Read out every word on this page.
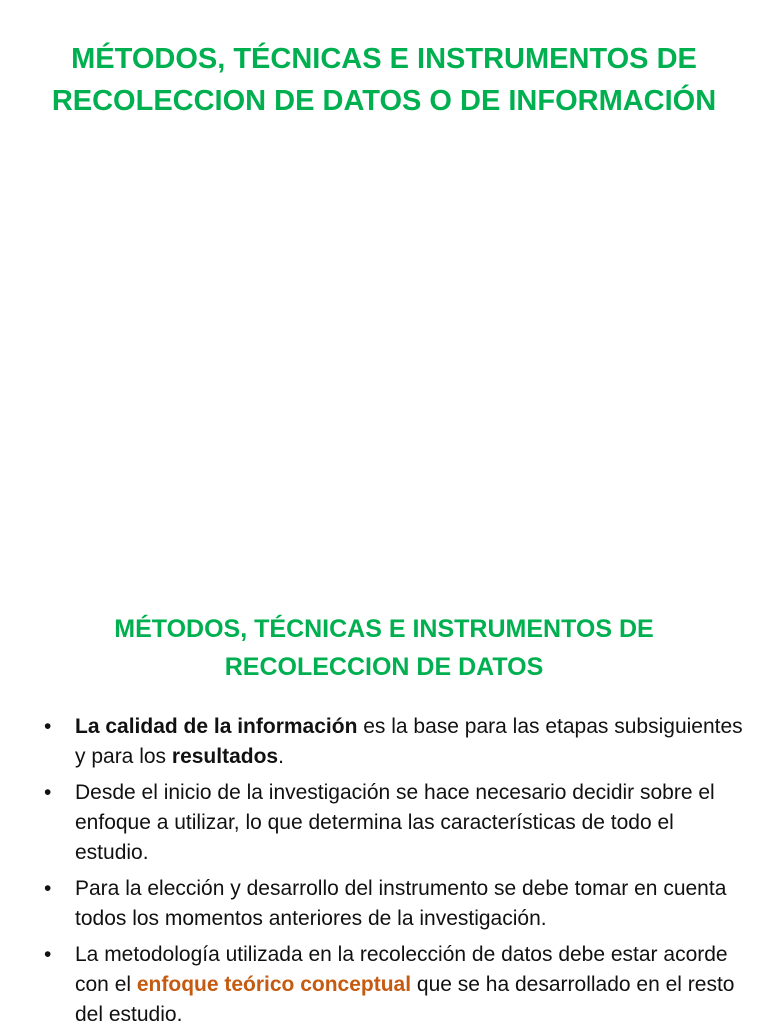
MÉTODOS, TÉCNICAS E INSTRUMENTOS DE RECOLECCION DE DATOS O DE INFORMACIÓN
MÉTODOS, TÉCNICAS E INSTRUMENTOS DE RECOLECCION DE DATOS
• La calidad de la información es la base para las etapas subsiguientes y para los resultados.
• Desde el inicio de la investigación se hace necesario decidir sobre el enfoque a utilizar, lo que determina las características de todo el estudio.
• Para la elección y desarrollo del instrumento se debe tomar en cuenta todos los momentos anteriores de la investigación.
• La metodología utilizada en la recolección de datos debe estar acorde con el enfoque teórico conceptual que se ha desarrollado en el resto del estudio.
